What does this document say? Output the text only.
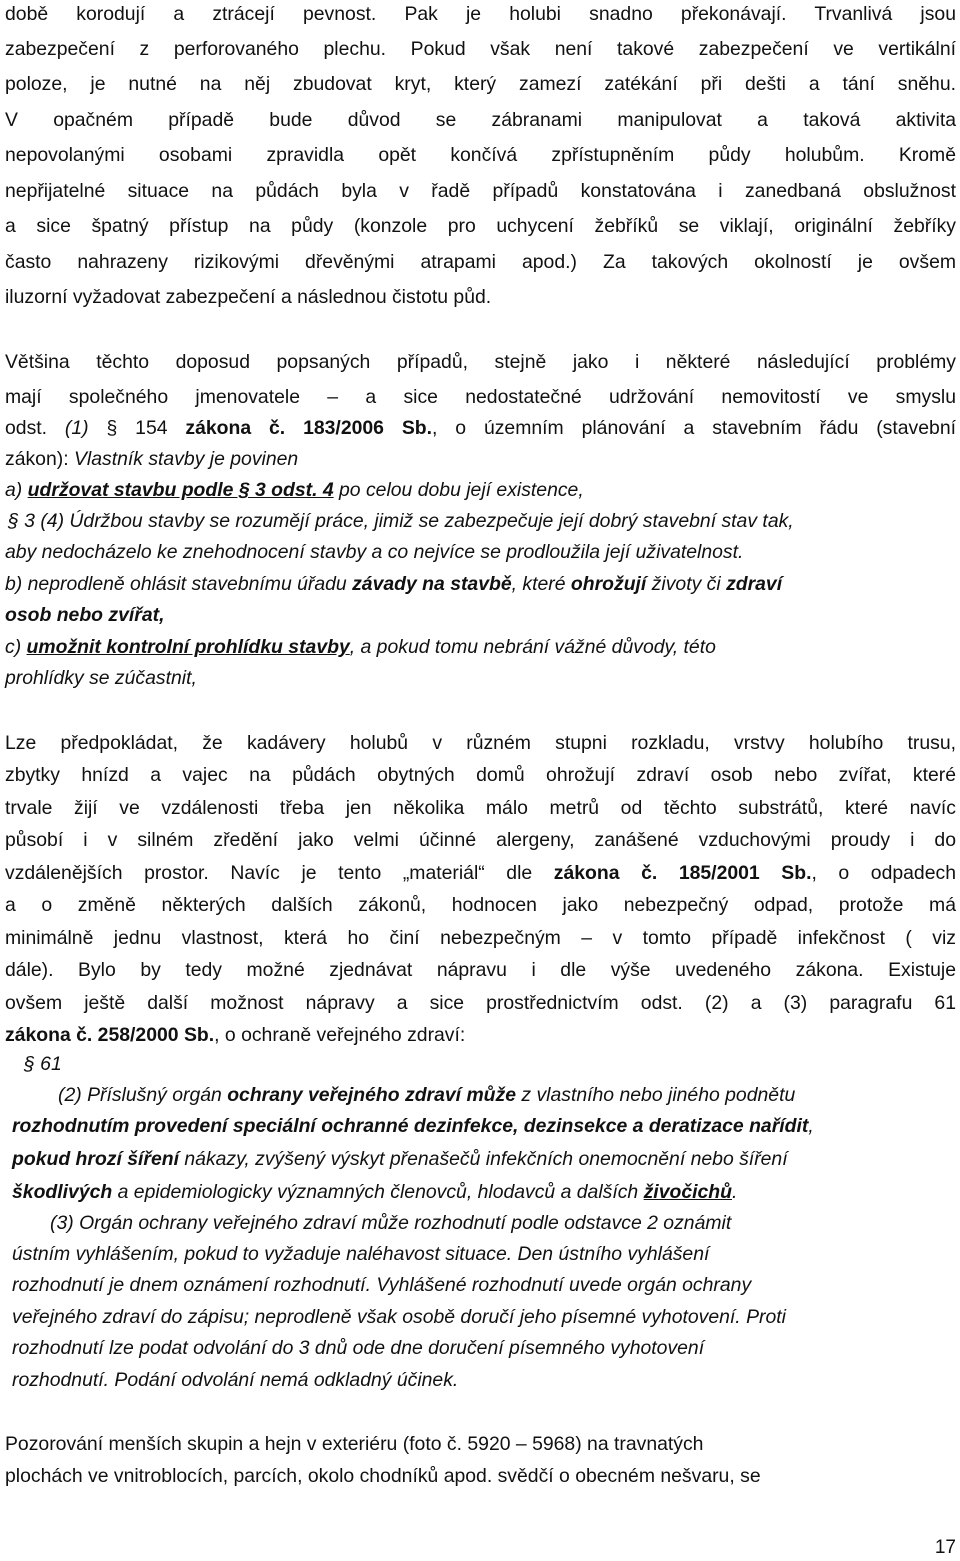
době korodují a ztrácejí pevnost. Pak je holubi snadno překonávají. Trvanlivá jsou
zabezpečení z perforovaného plechu. Pokud však není takové zabezpečení ve vertikální
poloze, je nutné na něj zbudovat kryt, který zamezí zatékání při dešti a tání sněhu.
V opačném případě bude důvod se zábranami manipulovat a taková aktivita
nepovolanými osobami zpravidla opět končívá zpřístupněním půdy holubům. Kromě
nepřijatelné situace na půdách byla v řadě případů konstatována i zanedbaná obslužnost
a sice špatný přístup na půdy (konzole pro uchycení žebříků se viklají, originální žebříky
často nahrazeny rizikovými dřevěnými atrapami apod.) Za takových okolností je ovšem
iluzorní vyžadovat zabezpečení a následnou čistotu půd.
Většina těchto doposud popsaných případů, stejně jako i některé následující problémy
mají společného jmenovatele – a sice nedostatečné udržování nemovitostí ve smyslu
odst. (1) § 154 zákona č. 183/2006 Sb., o územním plánování a stavebním řádu (stavební
zákon): Vlastník stavby je povinen
a) udržovat stavbu podle § 3 odst. 4 po celou dobu její existence,
§ 3 (4) Údržbou stavby se rozumějí práce, jimiž se zabezpečuje její dobrý stavební stav tak,
aby nedocházelo ke znehodnocení stavby a co nejvíce se prodloužila její uživatelnost.
b) neprodleně ohlásit stavebnímu úřadu závady na stavbě, které ohrožují životy či zdraví
osob nebo zvířat,
c) umožnit kontrolní prohlídku stavby, a pokud tomu nebrání vážné důvody, této
prohlídky se zúčastnit,
Lze předpokládat, že kadávery holubů v různém stupni rozkladu, vrstvy holubího trusu,
zbytky hnízd a vajec na půdách obytných domů ohrožují zdraví osob nebo zvířat, které
trvale žijí ve vzdálenosti třeba jen několika málo metrů od těchto substrátů, které navíc
působí i v silném zředění jako velmi účinné alergeny, zanášené vzduchovými proudy i do
vzdálenějších prostor. Navíc je tento „materiál“ dle zákona č. 185/2001 Sb., o odpadech
a o změně některých dalších zákonů, hodnocen jako nebezpečný odpad, protože má
minimálně jednu vlastnost, která ho činí nebezpečným – v tomto případě infekčnost ( viz
dále). Bylo by tedy možné zjednávat nápravu i dle výše uvedeného zákona. Existuje
ovšem ještě další možnost nápravy a sice prostřednictvím odst. (2) a (3) paragrafu 61
zákona č. 258/2000 Sb., o ochraně veřejného zdraví:
§ 61
(2) Příslušný orgán ochrany veřejného zdraví může z vlastního nebo jiného podnětu
rozhodnutím provedení speciální ochranné dezinfekce, dezinsekce a deratizace nařídit,
pokud hrozí šíření nákazy, zvýšený výskyt přenašečů infekčních onemocnění nebo šíření
škodlivých a epidemiologicky významných členovců, hlodavců a dalších živočichů.
(3) Orgán ochrany veřejného zdraví může rozhodnutí podle odstavce 2 oznámit
ústním vyhlášením, pokud to vyžaduje naléhavost situace. Den ústního vyhlášení
rozhodnutí je dnem oznámení rozhodnutí. Vyhlášené rozhodnutí uvede orgán ochrany
veřejného zdraví do zápisu; neprodleně však osobě doručí jeho písemné vyhotovení. Proti
rozhodnutí lze podat odvolání do 3 dnů ode dne doručení písemného vyhotovení
rozhodnutí. Podání odvolání nemá odkladný účinek.
Pozorování menších skupin a hejn v exteriéru (foto č. 5920 – 5968) na travnatých
plochách ve vnitroblocích, parcích, okolo chodníků apod. svědčí o obecném nešvaru, se
17
